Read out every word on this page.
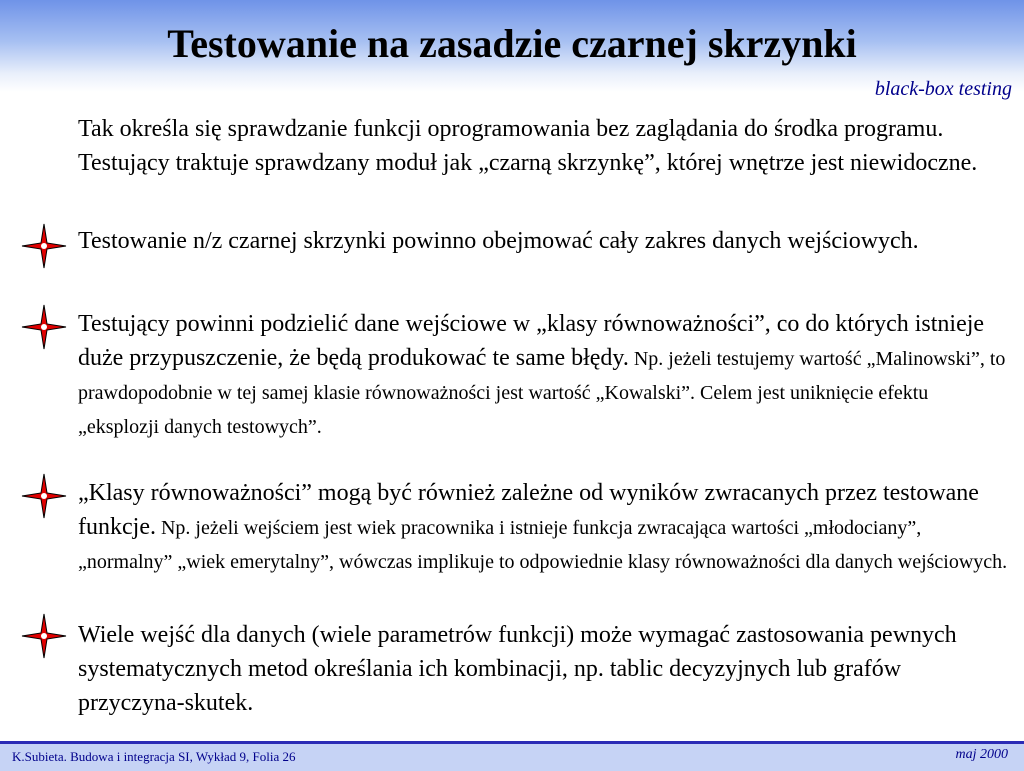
Testowanie na zasadzie czarnej skrzynki
black-box testing
Tak określa się sprawdzanie funkcji oprogramowania bez zaglądania do środka programu. Testujący traktuje sprawdzany moduł jak „czarną skrzynkę”, której wnętrze jest niewidoczne.
Testowanie n/z czarnej skrzynki powinno obejmować cały zakres danych wejściowych.
Testujący powinni podzielić dane wejściowe w „klasy równoważności”, co do których istnieje duże przypuszczenie, że będą produkować te same błędy. Np. jeżeli testujemy wartość „Malinowski”, to prawdopodobnie w tej samej klasie równoważności jest wartość „Kowalski”. Celem jest uniknięcie efektu „eksplozji danych testowych”.
„Klasy równoważności” mogą być również zależne od wyników zwracanych przez testowane funkcje. Np. jeżeli wejściem jest wiek pracownika i istnieje funkcja zwracająca wartości „młodociany”, „normalny” „wiek emerytalny”, wówczas implikuje to odpowiednie klasy równoważności dla danych wejściowych.
Wiele wejść dla danych (wiele parametrów funkcji) może wymagać zastosowania pewnych systematycznych metod określania ich kombinacji, np. tablic decyzyjnych lub grafów przyczyna-skutek.
K.Subieta. Budowa i integracja SI, Wykład 9, Folia 26	maj 2000
